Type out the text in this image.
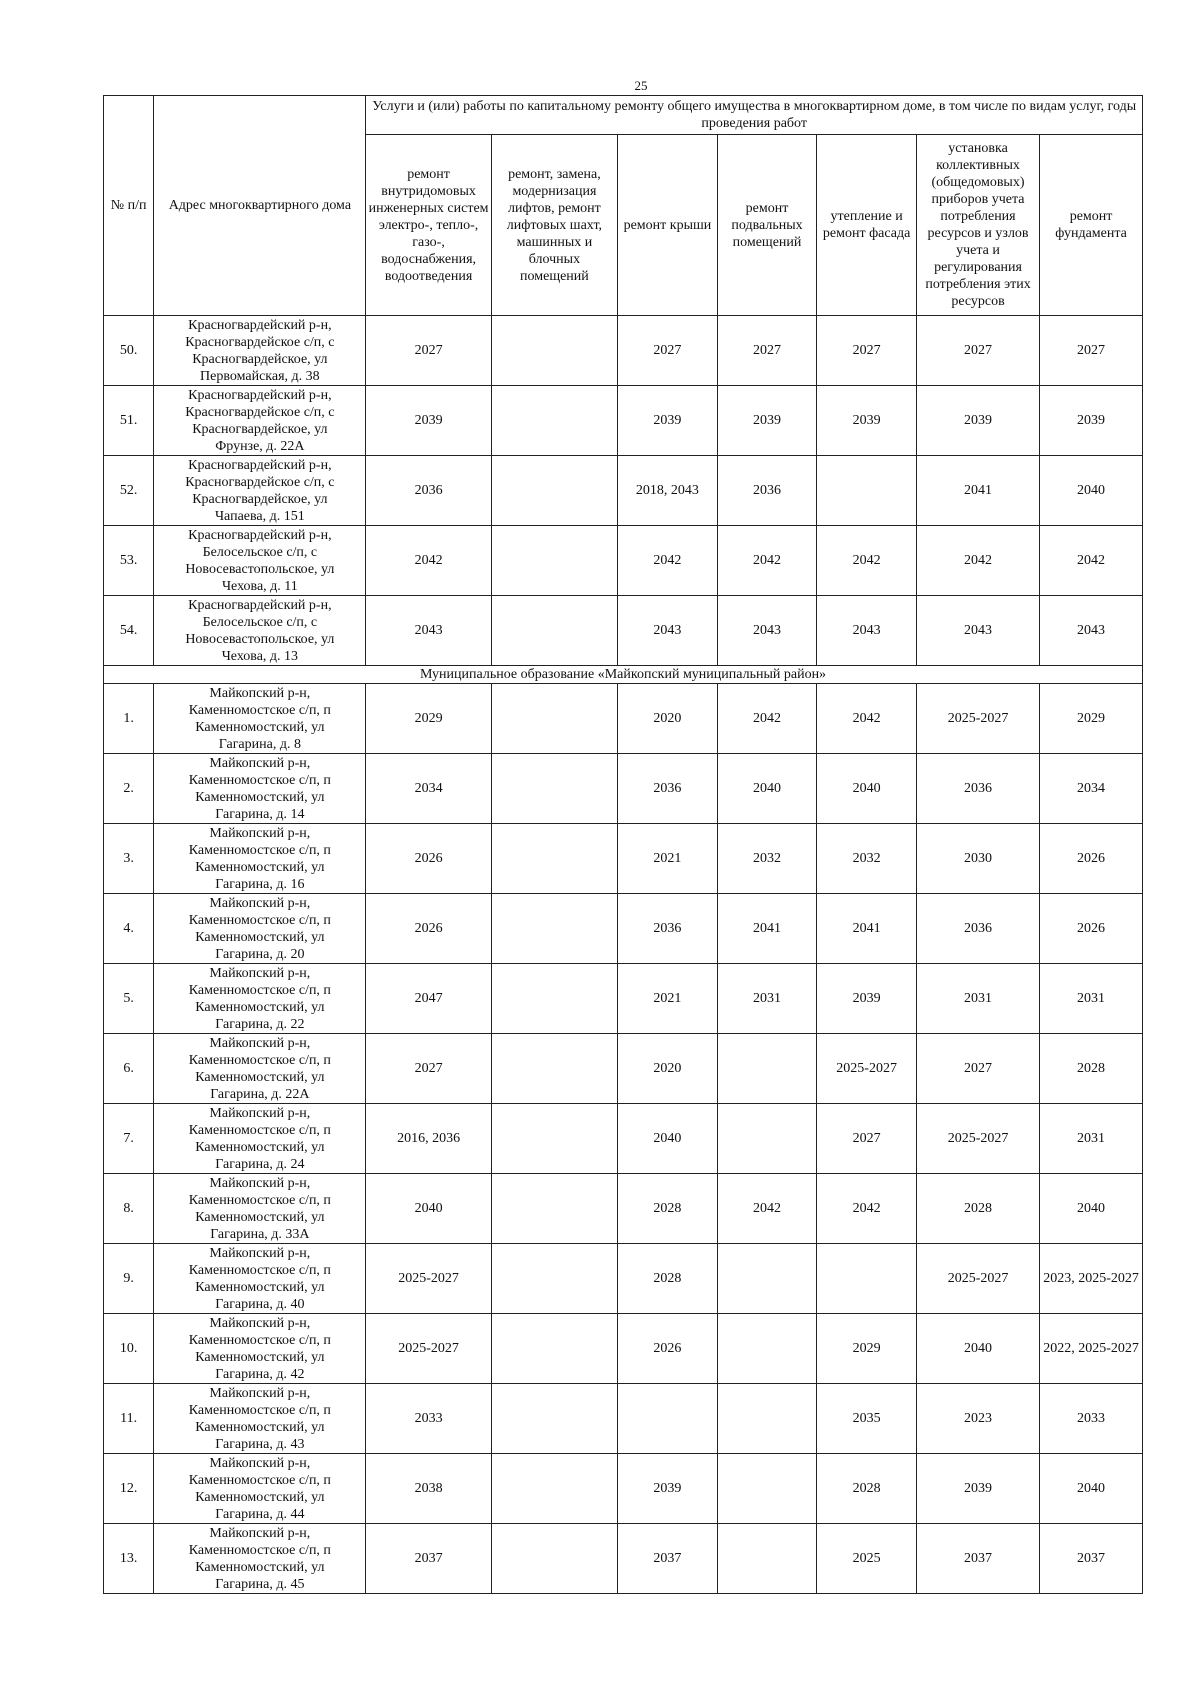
25
№ п/п	Адрес многоквартирного дома	Услуги и (или) работы по капитальному ремонту общего имущества в многоквартирном доме, в том числе по видам услуг, годы проведения работ						
		ремонт внутридомовых инженерных систем электро-, тепло-, газо-, водоснабжения, водоотведения	ремонт, замена, модернизация лифтов, ремонт лифтовых шахт, машинных и блочных помещений	ремонт крыши	ремонт подвальных помещений	утепление и ремонт фасада	установка коллективных (общедомовых) приборов учета потребления ресурсов и узлов учета и регулирования потребления этих ресурсов	ремонт фундамента
50.	Красногвардейский р-н,
Красногвардейское с/п, с
Красногвардейское, ул
Первомайская, д. 38	2027		2027	2027	2027	2027	2027
51.	Красногвардейский р-н,
Красногвардейское с/п, с
Красногвардейское, ул
Фрунзе, д. 22А	2039		2039	2039	2039	2039	2039
52.	Красногвардейский р-н,
Красногвардейское с/п, с
Красногвардейское, ул
Чапаева, д. 151	2036		2018, 2043	2036		2041	2040
53.	Красногвардейский р-н,
Белосельское с/п, с
Новосевастопольское, ул
Чехова, д. 11	2042		2042	2042	2042	2042	2042
54.	Красногвардейский р-н,
Белосельское с/п, с
Новосевастопольское, ул
Чехова, д. 13	2043		2043	2043	2043	2043	2043
Муниципальное образование «Майкопский муниципальный район»								
1.	Майкопский р-н,
Каменномостское с/п, п
Каменномостский, ул
Гагарина, д. 8	2029		2020	2042	2042	2025-2027	2029
2.	Майкопский р-н,
Каменномостское с/п, п
Каменномостский, ул
Гагарина, д. 14	2034		2036	2040	2040	2036	2034
3.	Майкопский р-н,
Каменномостское с/п, п
Каменномостский, ул
Гагарина, д. 16	2026		2021	2032	2032	2030	2026
4.	Майкопский р-н,
Каменномостское с/п, п
Каменномостский, ул
Гагарина, д. 20	2026		2036	2041	2041	2036	2026
5.	Майкопский р-н,
Каменномостское с/п, п
Каменномостский, ул
Гагарина, д. 22	2047		2021	2031	2039	2031	2031
6.	Майкопский р-н,
Каменномостское с/п, п
Каменномостский, ул
Гагарина, д. 22А	2027		2020		2025-2027	2027	2028
7.	Майкопский р-н,
Каменномостское с/п, п
Каменномостский, ул
Гагарина, д. 24	2016, 2036		2040		2027	2025-2027	2031
8.	Майкопский р-н,
Каменномостское с/п, п
Каменномостский, ул
Гагарина, д. 33А	2040		2028	2042	2042	2028	2040
9.	Майкопский р-н,
Каменномостское с/п, п
Каменномостский, ул
Гагарина, д. 40	2025-2027		2028			2025-2027	2023, 2025-2027
10.	Майкопский р-н,
Каменномостское с/п, п
Каменномостский, ул
Гагарина, д. 42	2025-2027		2026		2029	2040	2022, 2025-2027
11.	Майкопский р-н,
Каменномостское с/п, п
Каменномостский, ул
Гагарина, д. 43	2033				2035	2023	2033
12.	Майкопский р-н,
Каменномостское с/п, п
Каменномостский, ул
Гагарина, д. 44	2038		2039		2028	2039	2040
13.	Майкопский р-н,
Каменномостское с/п, п
Каменномостский, ул
Гагарина, д. 45	2037		2037		2025	2037	2037
